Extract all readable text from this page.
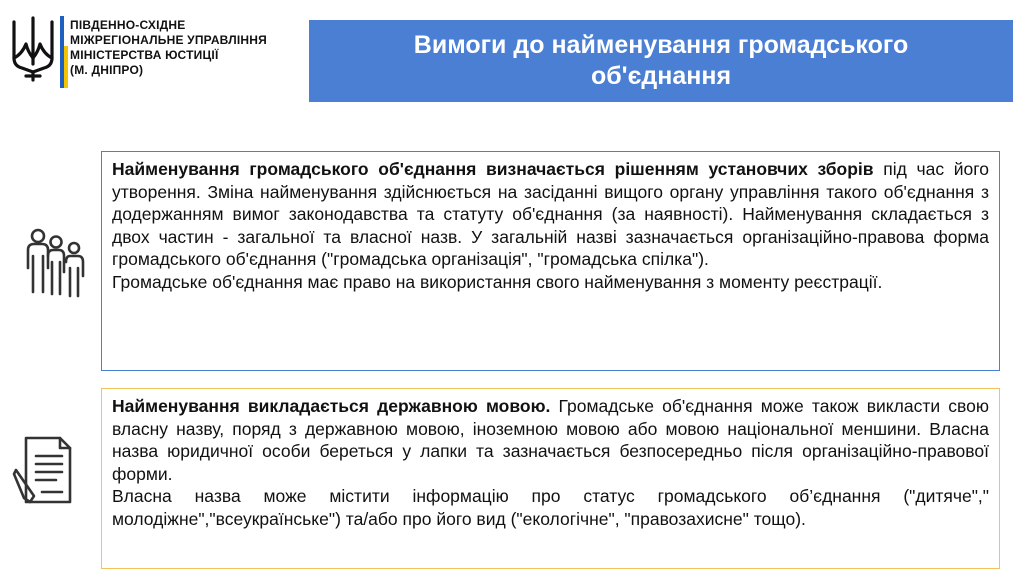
ПІВДЕННО-СХІДНЕ
МІЖРЕГІОНАЛЬНЕ УПРАВЛІННЯ
МІНІСТЕРСТВА ЮСТИЦІЇ
(М. ДНІПРО)
Вимоги до найменування громадського об'єднання

Найменування громадського об'єднання визначається рішенням установчих зборів під час його утворення. Зміна найменування здійснюється на засіданні вищого органу управління такого об'єднання з додержанням вимог законодавства та статуту об'єднання (за наявності). Найменування складається з двох частин - загальної та власної назв. У загальній назві зазначається організаційно-правова форма громадського об'єднання ("громадська організація", "громадська спілка").

Громадське об'єднання має право на використання свого найменування з моменту реєстрації.

Найменування викладається державною мовою. Громадське об'єднання може також викласти свою власну назву, поряд з державною мовою, іноземною мовою або мовою національної меншини. Власна назва юридичної особи береться у лапки та зазначається безпосередньо після організаційно-правової форми.

Власна назва може містити інформацію про статус громадського об’єднання ("дитяче"," молодіжне","всеукраїнське") та/або про його вид ("екологічне", "правозахисне" тощо).
